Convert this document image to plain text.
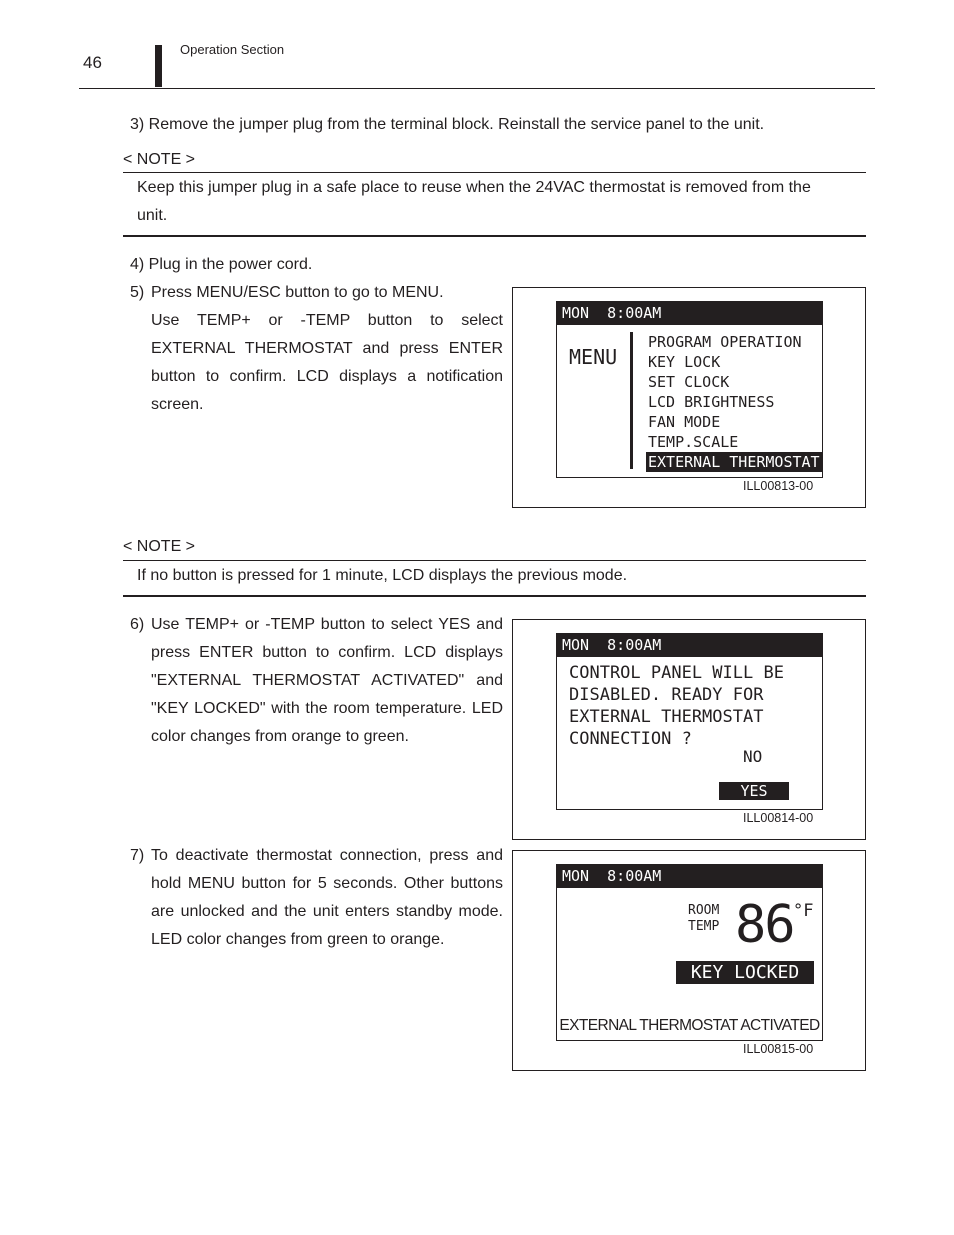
46
Operation Section
3) Remove the jumper plug from the terminal block. Reinstall the service panel to the unit.
< NOTE >
Keep this jumper plug in a safe place to reuse when the 24VAC thermostat is removed from the
unit.
4) Plug in the power cord.
5) Press MENU/ESC button to go to MENU.
Use TEMP+ or -TEMP button to select EXTERNAL THERMOSTAT and press ENTER button to confirm. LCD displays a notification screen.
MON  8:00AM
MENU
PROGRAM OPERATION
KEY LOCK
SET CLOCK
LCD BRIGHTNESS
FAN MODE
TEMP.SCALE
EXTERNAL THERMOSTAT
ILL00813-00
< NOTE >
If no button is pressed for 1 minute, LCD displays the previous mode.
6) Use TEMP+ or -TEMP button to select YES and press ENTER button to confirm. LCD displays "EXTERNAL THERMOSTAT ACTIVATED" and "KEY LOCKED" with the room temperature. LED color changes from orange to green.
MON  8:00AM
CONTROL PANEL WILL BE
DISABLED. READY FOR
EXTERNAL THERMOSTAT
CONNECTION ?
NO
YES
ILL00814-00
7) To deactivate thermostat connection, press and hold MENU button for 5 seconds. Other buttons are unlocked and the unit enters standby mode. LED color changes from green to orange.
MON  8:00AM
ROOM
TEMP 86 °F
KEY LOCKED
EXTERNAL THERMOSTAT ACTIVATED
ILL00815-00
